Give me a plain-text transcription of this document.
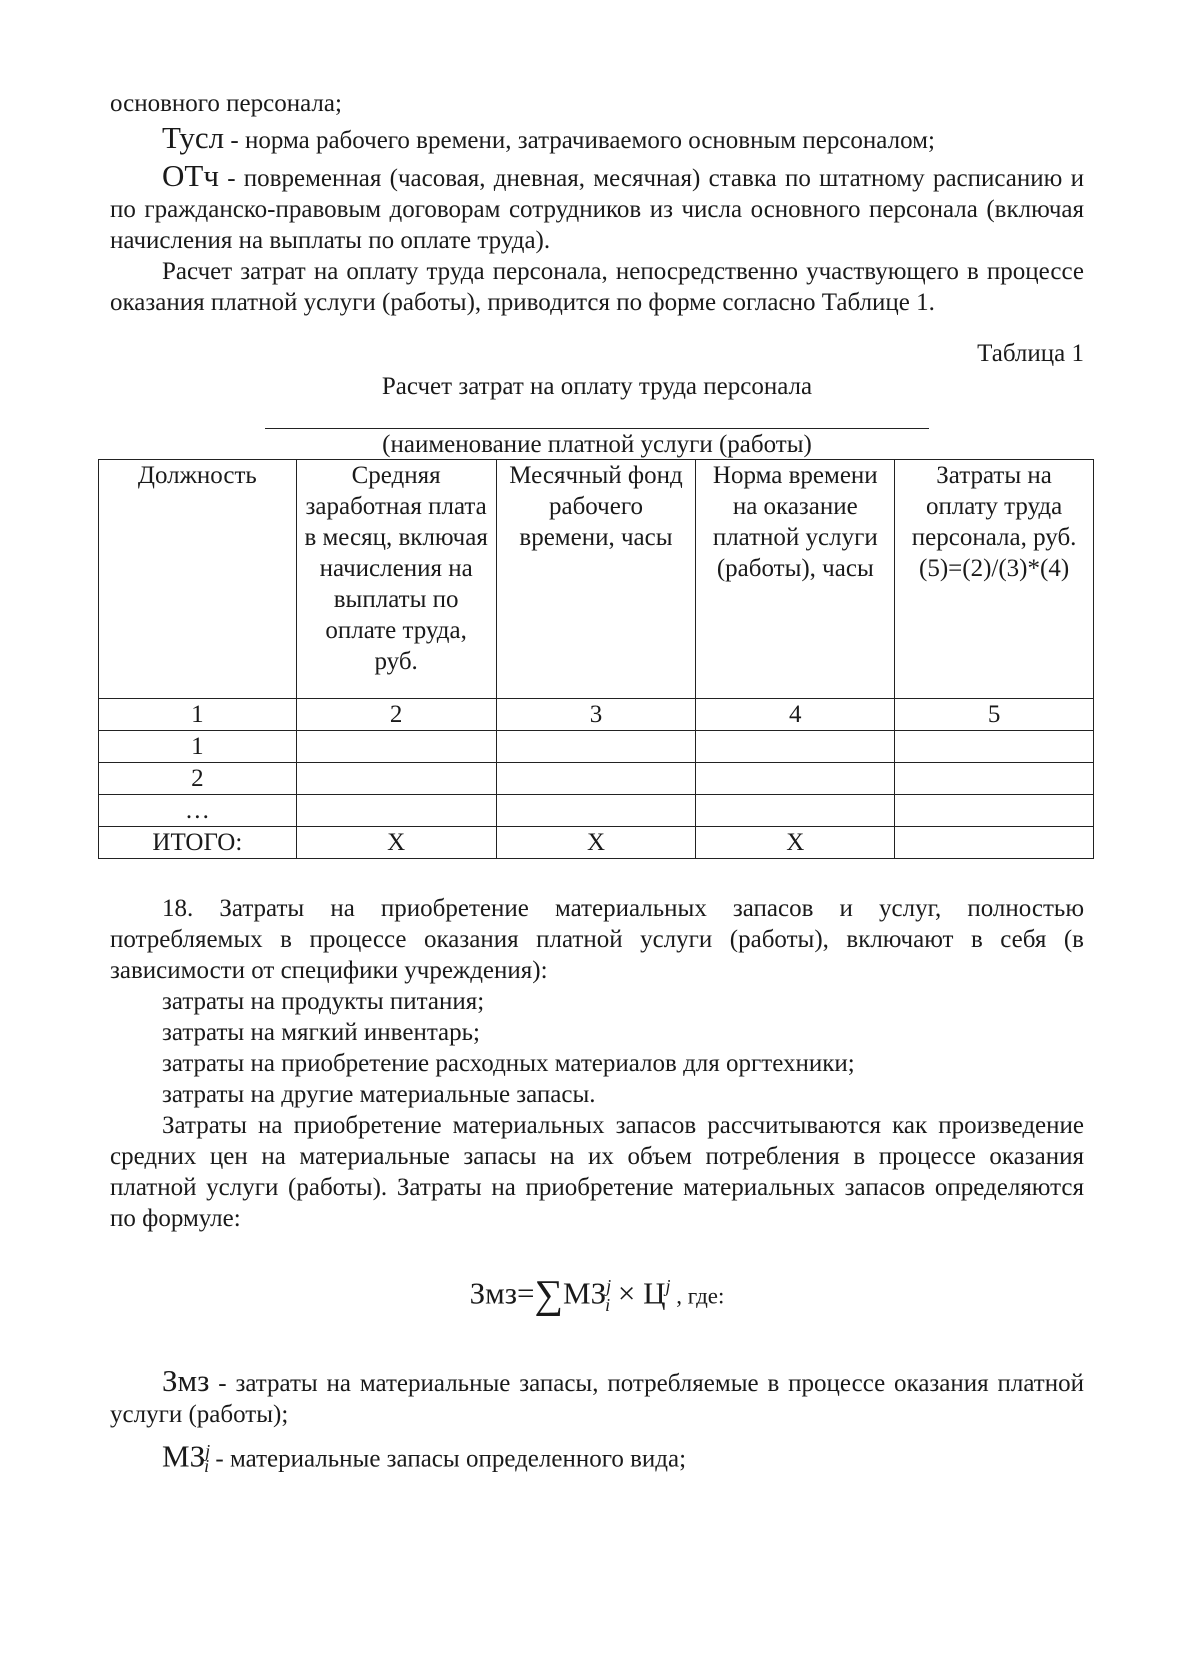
основного персонала;

Тусл - норма рабочего времени, затрачиваемого основным персоналом;

ОТч - повременная (часовая, дневная, месячная) ставка по штатному расписанию и по гражданско-правовым договорам сотрудников из числа основного персонала (включая начисления на выплаты по оплате труда).

Расчет затрат на оплату труда персонала, непосредственно участвующего в процессе оказания платной услуги (работы), приводится по форме согласно Таблице 1.

Таблица 1

Расчет затрат на оплату труда персонала

(наименование платной услуги (работы)

Должность	Средняя заработная плата в месяц, включая начисления на выплаты по оплате труда, руб.	Месячный фонд рабочего времени, часы	Норма времени на оказание платной услуги (работы), часы	Затраты на оплату труда персонала, руб. (5)=(2)/(3)*(4)
1	2	3	4	5
1				
2				
…				
ИТОГО:	Х	Х	Х	

18. Затраты на приобретение материальных запасов и услуг, полностью потребляемых в процессе оказания платной услуги (работы), включают в себя (в зависимости от специфики учреждения):

затраты на продукты питания;

затраты на мягкий инвентарь;

затраты на приобретение расходных материалов для оргтехники;

затраты на другие материальные запасы.

Затраты на приобретение материальных запасов рассчитываются как произведение средних цен на материальные запасы на их объем потребления в процессе оказания платной услуги (работы). Затраты на приобретение материальных запасов определяются по формуле:

$Змз=\sum МЗ^j_i \times Ц^j$ , где:

Змз - затраты на материальные запасы, потребляемые в процессе оказания платной услуги (работы);

$МЗ^j_i$ - материальные запасы определенного вида;
